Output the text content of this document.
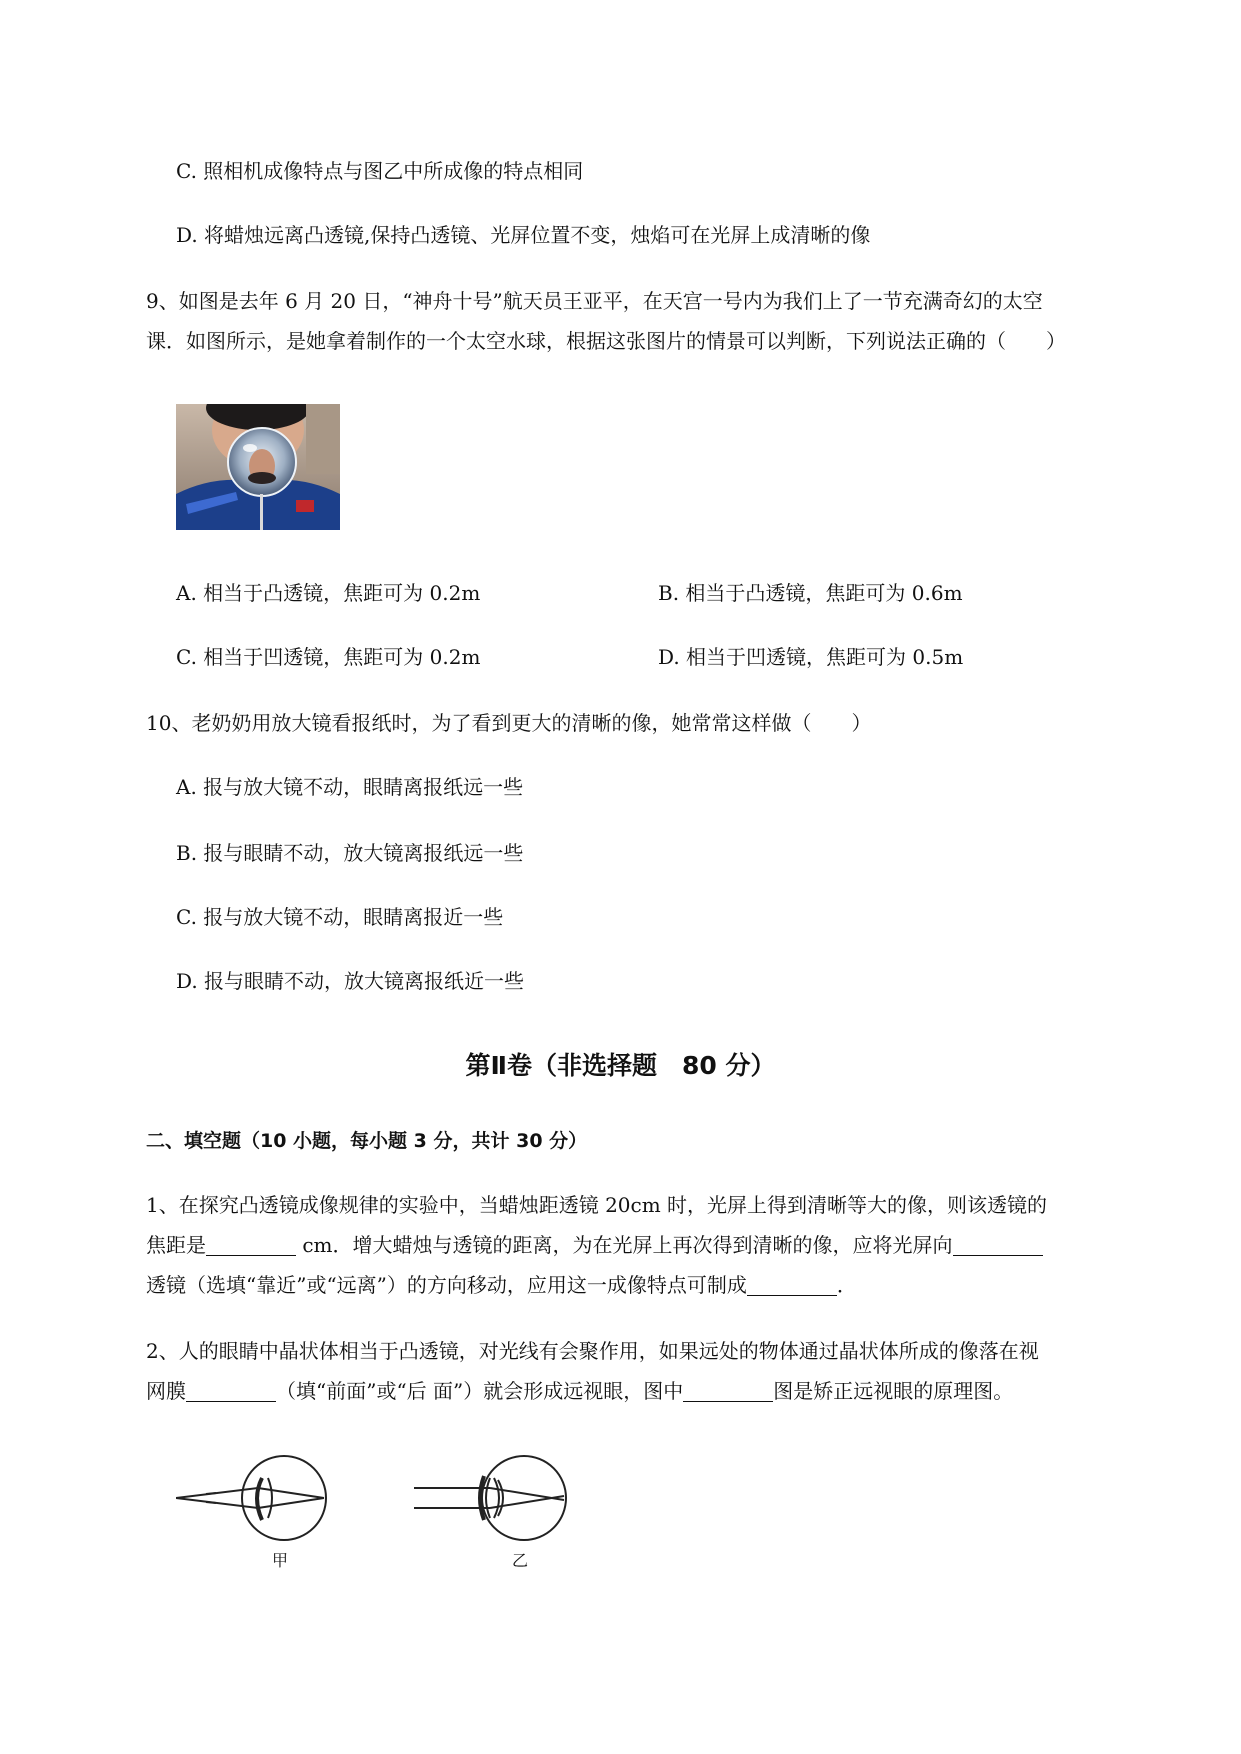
C. 照相机成像特点与图乙中所成像的特点相同
D. 将蜡烛远离凸透镜,保持凸透镜、光屏位置不变，烛焰可在光屏上成清晰的像
9、如图是去年 6 月 20 日，“神舟十号”航天员王亚平，在天宫一号内为我们上了一节充满奇幻的太空
课．如图所示，是她拿着制作的一个太空水球，根据这张图片的情景可以判断，下列说法正确的（　　）
A. 相当于凸透镜，焦距可为 0.2m	B. 相当于凸透镜，焦距可为 0.6m
C. 相当于凹透镜，焦距可为 0.2m	D. 相当于凹透镜，焦距可为 0.5m
10、老奶奶用放大镜看报纸时，为了看到更大的清晰的像，她常常这样做（　　）
A. 报与放大镜不动，眼睛离报纸远一些
B. 报与眼睛不动，放大镜离报纸远一些
C. 报与放大镜不动，眼睛离报近一些
D. 报与眼睛不动，放大镜离报纸近一些
第Ⅱ卷（非选择题　80 分）
二、填空题（10 小题，每小题 3 分，共计 30 分）
1、在探究凸透镜成像规律的实验中，当蜡烛距透镜 20cm 时，光屏上得到清晰等大的像，则该透镜的
焦距是	cm．增大蜡烛与透镜的距离，为在光屏上再次得到清晰的像，应将光屏向
透镜（选填“靠近”或“远离”）的方向移动，应用这一成像特点可制成	．
2、人的眼睛中晶状体相当于凸透镜，对光线有会聚作用，如果远处的物体通过晶状体所成的像落在视
网膜	（填“前面”或“后 面”）就会形成远视眼，图中	图是矫正远视眼的原理图。
甲	乙
